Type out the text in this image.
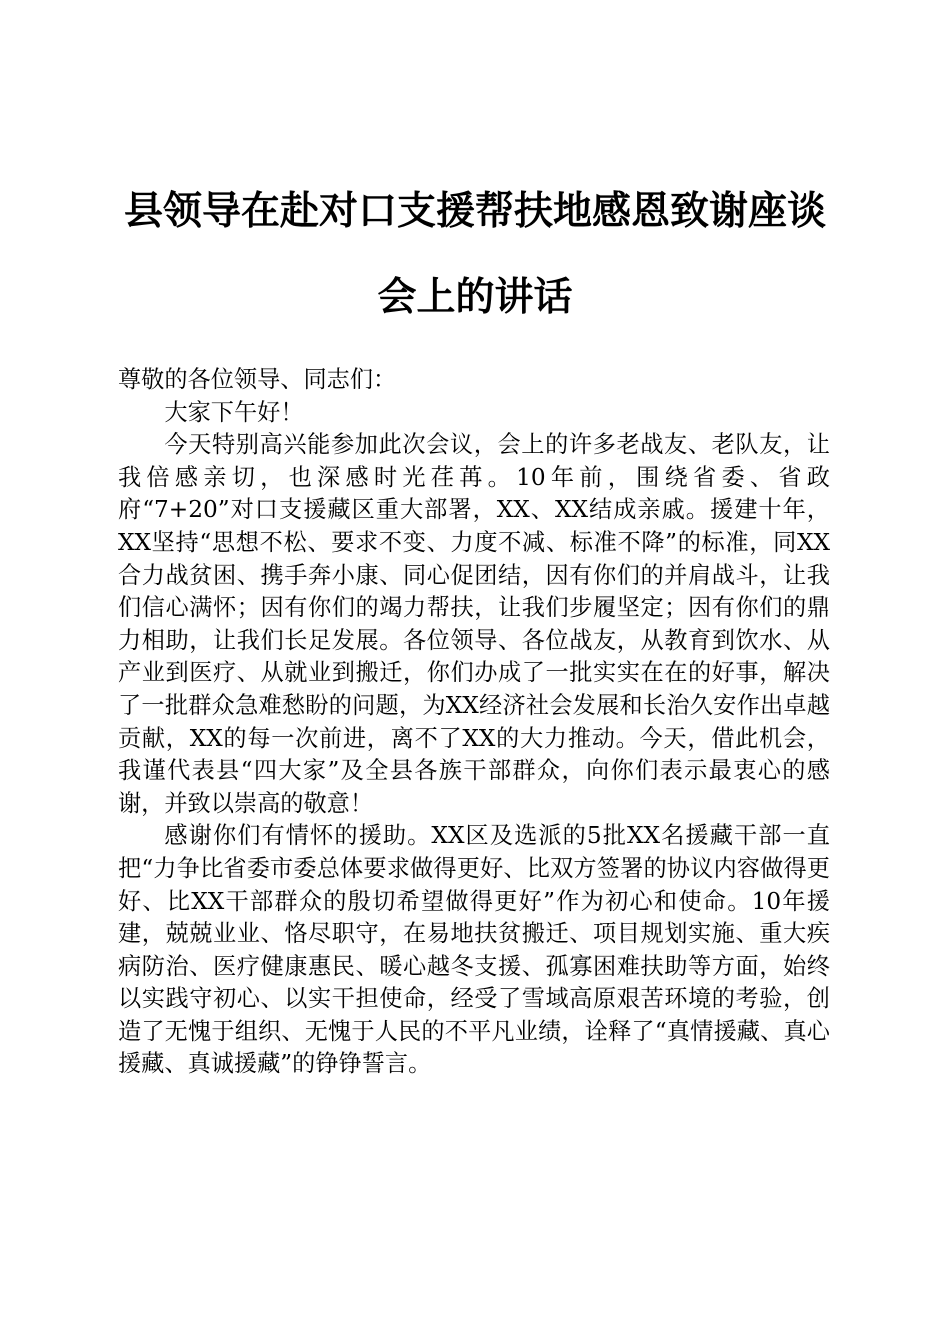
县领导在赴对口支援帮扶地感恩致谢座谈会上的讲话

尊敬的各位领导、同志们：

大家下午好！

今天特别高兴能参加此次会议，会上的许多老战友、老队友，让我倍感亲切，也深感时光荏苒。10年前，围绕省委、省政府“7+20”对口支援藏区重大部署，XX、XX结成亲戚。援建十年，XX坚持“思想不松、要求不变、力度不减、标准不降”的标准，同XX合力战贫困、携手奔小康、同心促团结，因有你们的并肩战斗，让我们信心满怀；因有你们的竭力帮扶，让我们步履坚定；因有你们的鼎力相助，让我们长足发展。各位领导、各位战友，从教育到饮水、从产业到医疗、从就业到搬迁，你们办成了一批实实在在的好事，解决了一批群众急难愁盼的问题，为XX经济社会发展和长治久安作出卓越贡献，XX的每一次前进，离不了XX的大力推动。今天，借此机会，我谨代表县“四大家”及全县各族干部群众，向你们表示最衷心的感谢，并致以崇高的敬意！

感谢你们有情怀的援助。XX区及选派的5批XX名援藏干部一直把“力争比省委市委总体要求做得更好、比双方签署的协议内容做得更好、比XX干部群众的殷切希望做得更好”作为初心和使命。10年援建，兢兢业业、恪尽职守，在易地扶贫搬迁、项目规划实施、重大疾病防治、医疗健康惠民、暖心越冬支援、孤寡困难扶助等方面，始终以实践守初心、以实干担使命，经受了雪域高原艰苦环境的考验，创造了无愧于组织、无愧于人民的不平凡业绩，诠释了“真情援藏、真心援藏、真诚援藏”的铮铮誓言。
